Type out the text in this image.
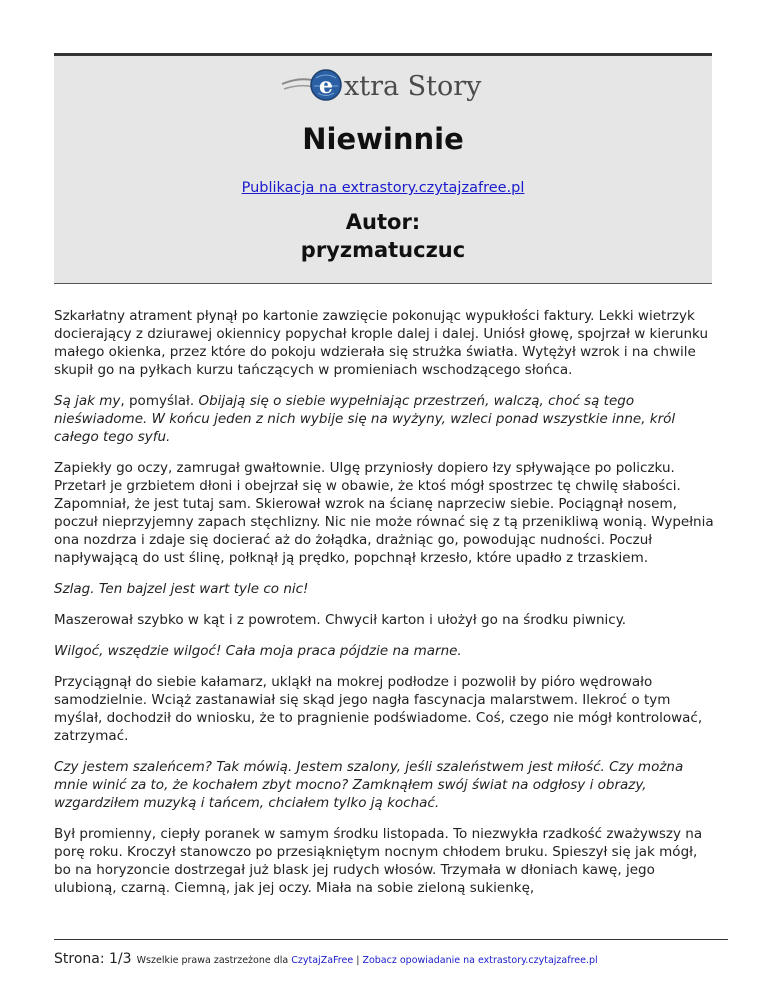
e xtra Story
Niewinnie
Publikacja na extrastory.czytajzafree.pl
Autor:
pryzmatuczuc

Szkarłatny atrament płynął po kartonie zawzięcie pokonując wypukłości faktury. Lekki wietrzyk docierający z dziurawej okiennicy popychał krople dalej i dalej. Uniósł głowę, spojrzał w kierunku małego okienka, przez które do pokoju wdzierała się strużka światła. Wytężył wzrok i na chwile skupił go na pyłkach kurzu tańczących w promieniach wschodzącego słońca.

Są jak my, pomyślał. Obijają się o siebie wypełniając przestrzeń, walczą, choć są tego nieświadome. W końcu jeden z nich wybije się na wyżyny, wzleci ponad wszystkie inne, król całego tego syfu.

Zapiekły go oczy, zamrugał gwałtownie. Ulgę przyniosły dopiero łzy spływające po policzku. Przetarł je grzbietem dłoni i obejrzał się w obawie, że ktoś mógł spostrzec tę chwilę słabości. Zapomniał, że jest tutaj sam. Skierował wzrok na ścianę naprzeciw siebie. Pociągnął nosem, poczuł nieprzyjemny zapach stęchlizny. Nic nie może równać się z tą przenikliwą wonią. Wypełnia ona nozdrza i zdaje się docierać aż do żołądka, drażniąc go, powodując nudności. Poczuł napływającą do ust ślinę, połknął ją prędko, popchnął krzesło, które upadło z trzaskiem.

Szlag. Ten bajzel jest wart tyle co nic!

Maszerował szybko w kąt i z powrotem. Chwycił karton i ułożył go na środku piwnicy.

Wilgoć, wszędzie wilgoć! Cała moja praca pójdzie na marne.

Przyciągnął do siebie kałamarz, ukląkł na mokrej podłodze i pozwolił by pióro wędrowało samodzielnie. Wciąż zastanawiał się skąd jego nagła fascynacja malarstwem. Ilekroć o tym myślał, dochodził do wniosku, że to pragnienie podświadome. Coś, czego nie mógł kontrolować, zatrzymać.

Czy jestem szaleńcem? Tak mówią. Jestem szalony, jeśli szaleństwem jest miłość. Czy można mnie winić za to, że kochałem zbyt mocno? Zamknąłem swój świat na odgłosy i obrazy, wzgardziłem muzyką i tańcem, chciałem tylko ją kochać.

Był promienny, ciepły poranek w samym środku listopada. To niezwykła rzadkość zważywszy na porę roku. Kroczył stanowczo po przesiąkniętym nocnym chłodem bruku. Spieszył się jak mógł, bo na horyzoncie dostrzegał już blask jej rudych włosów. Trzymała w dłoniach kawę, jego ulubioną, czarną. Ciemną, jak jej oczy. Miała na sobie zieloną sukienkę,

Strona: 1/3 Wszelkie prawa zastrzeżone dla CzytajZaFree | Zobacz opowiadanie na extrastory.czytajzafree.pl
